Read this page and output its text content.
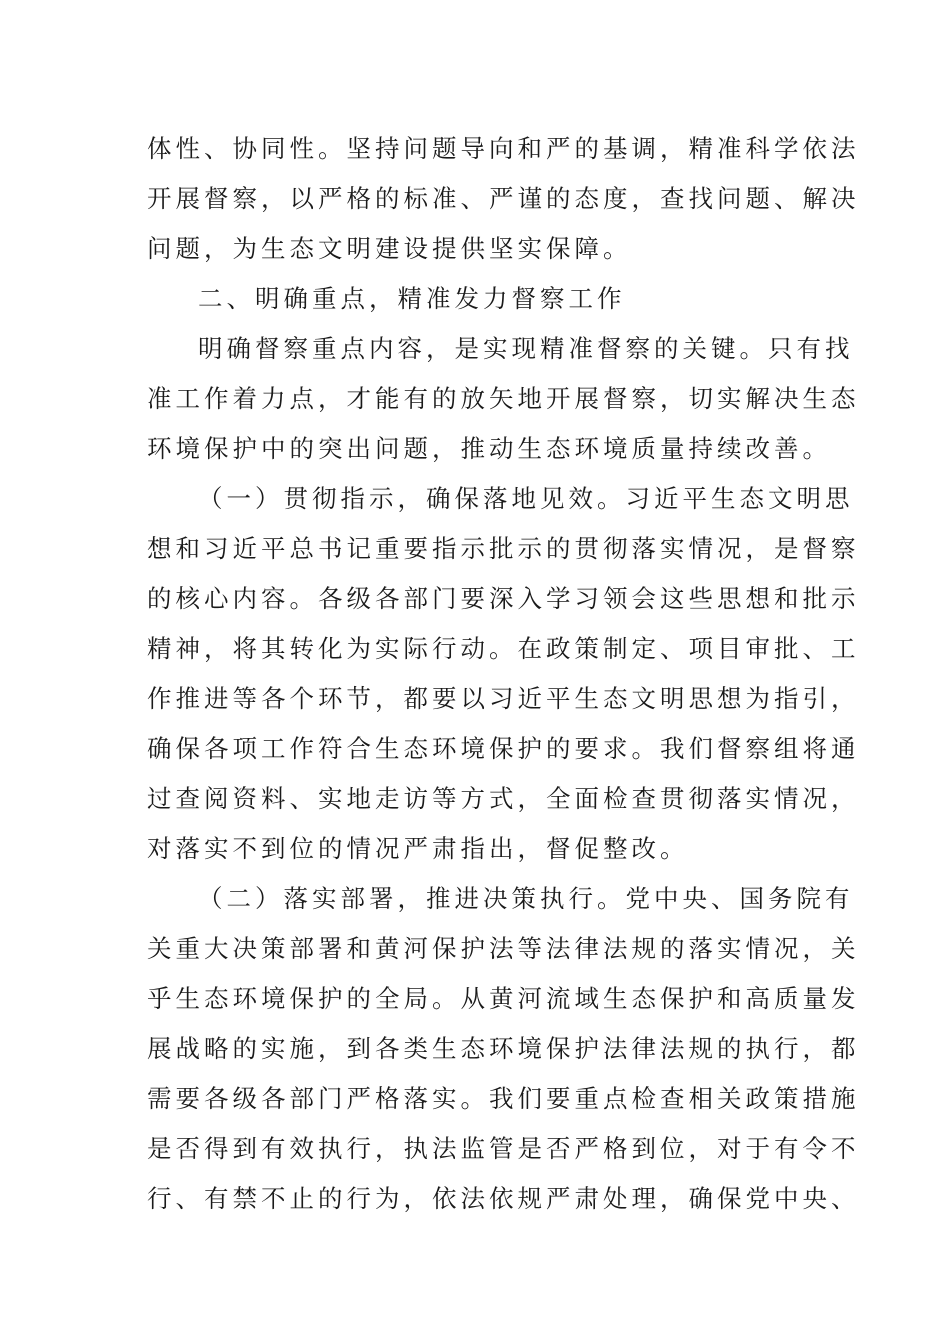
体性、协同性。坚持问题导向和严的基调，精准科学依法
开展督察，以严格的标准、严谨的态度，查找问题、解决
问题，为生态文明建设提供坚实保障。
二、明确重点，精准发力督察工作
明确督察重点内容，是实现精准督察的关键。只有找
准工作着力点，才能有的放矢地开展督察，切实解决生态
环境保护中的突出问题，推动生态环境质量持续改善。
（一）贯彻指示，确保落地见效。习近平生态文明思
想和习近平总书记重要指示批示的贯彻落实情况，是督察
的核心内容。各级各部门要深入学习领会这些思想和批示
精神，将其转化为实际行动。在政策制定、项目审批、工
作推进等各个环节，都要以习近平生态文明思想为指引，
确保各项工作符合生态环境保护的要求。我们督察组将通
过查阅资料、实地走访等方式，全面检查贯彻落实情况，
对落实不到位的情况严肃指出，督促整改。
（二）落实部署，推进决策执行。党中央、国务院有
关重大决策部署和黄河保护法等法律法规的落实情况，关
乎生态环境保护的全局。从黄河流域生态保护和高质量发
展战略的实施，到各类生态环境保护法律法规的执行，都
需要各级各部门严格落实。我们要重点检查相关政策措施
是否得到有效执行，执法监管是否严格到位，对于有令不
行、有禁不止的行为，依法依规严肃处理，确保党中央、
